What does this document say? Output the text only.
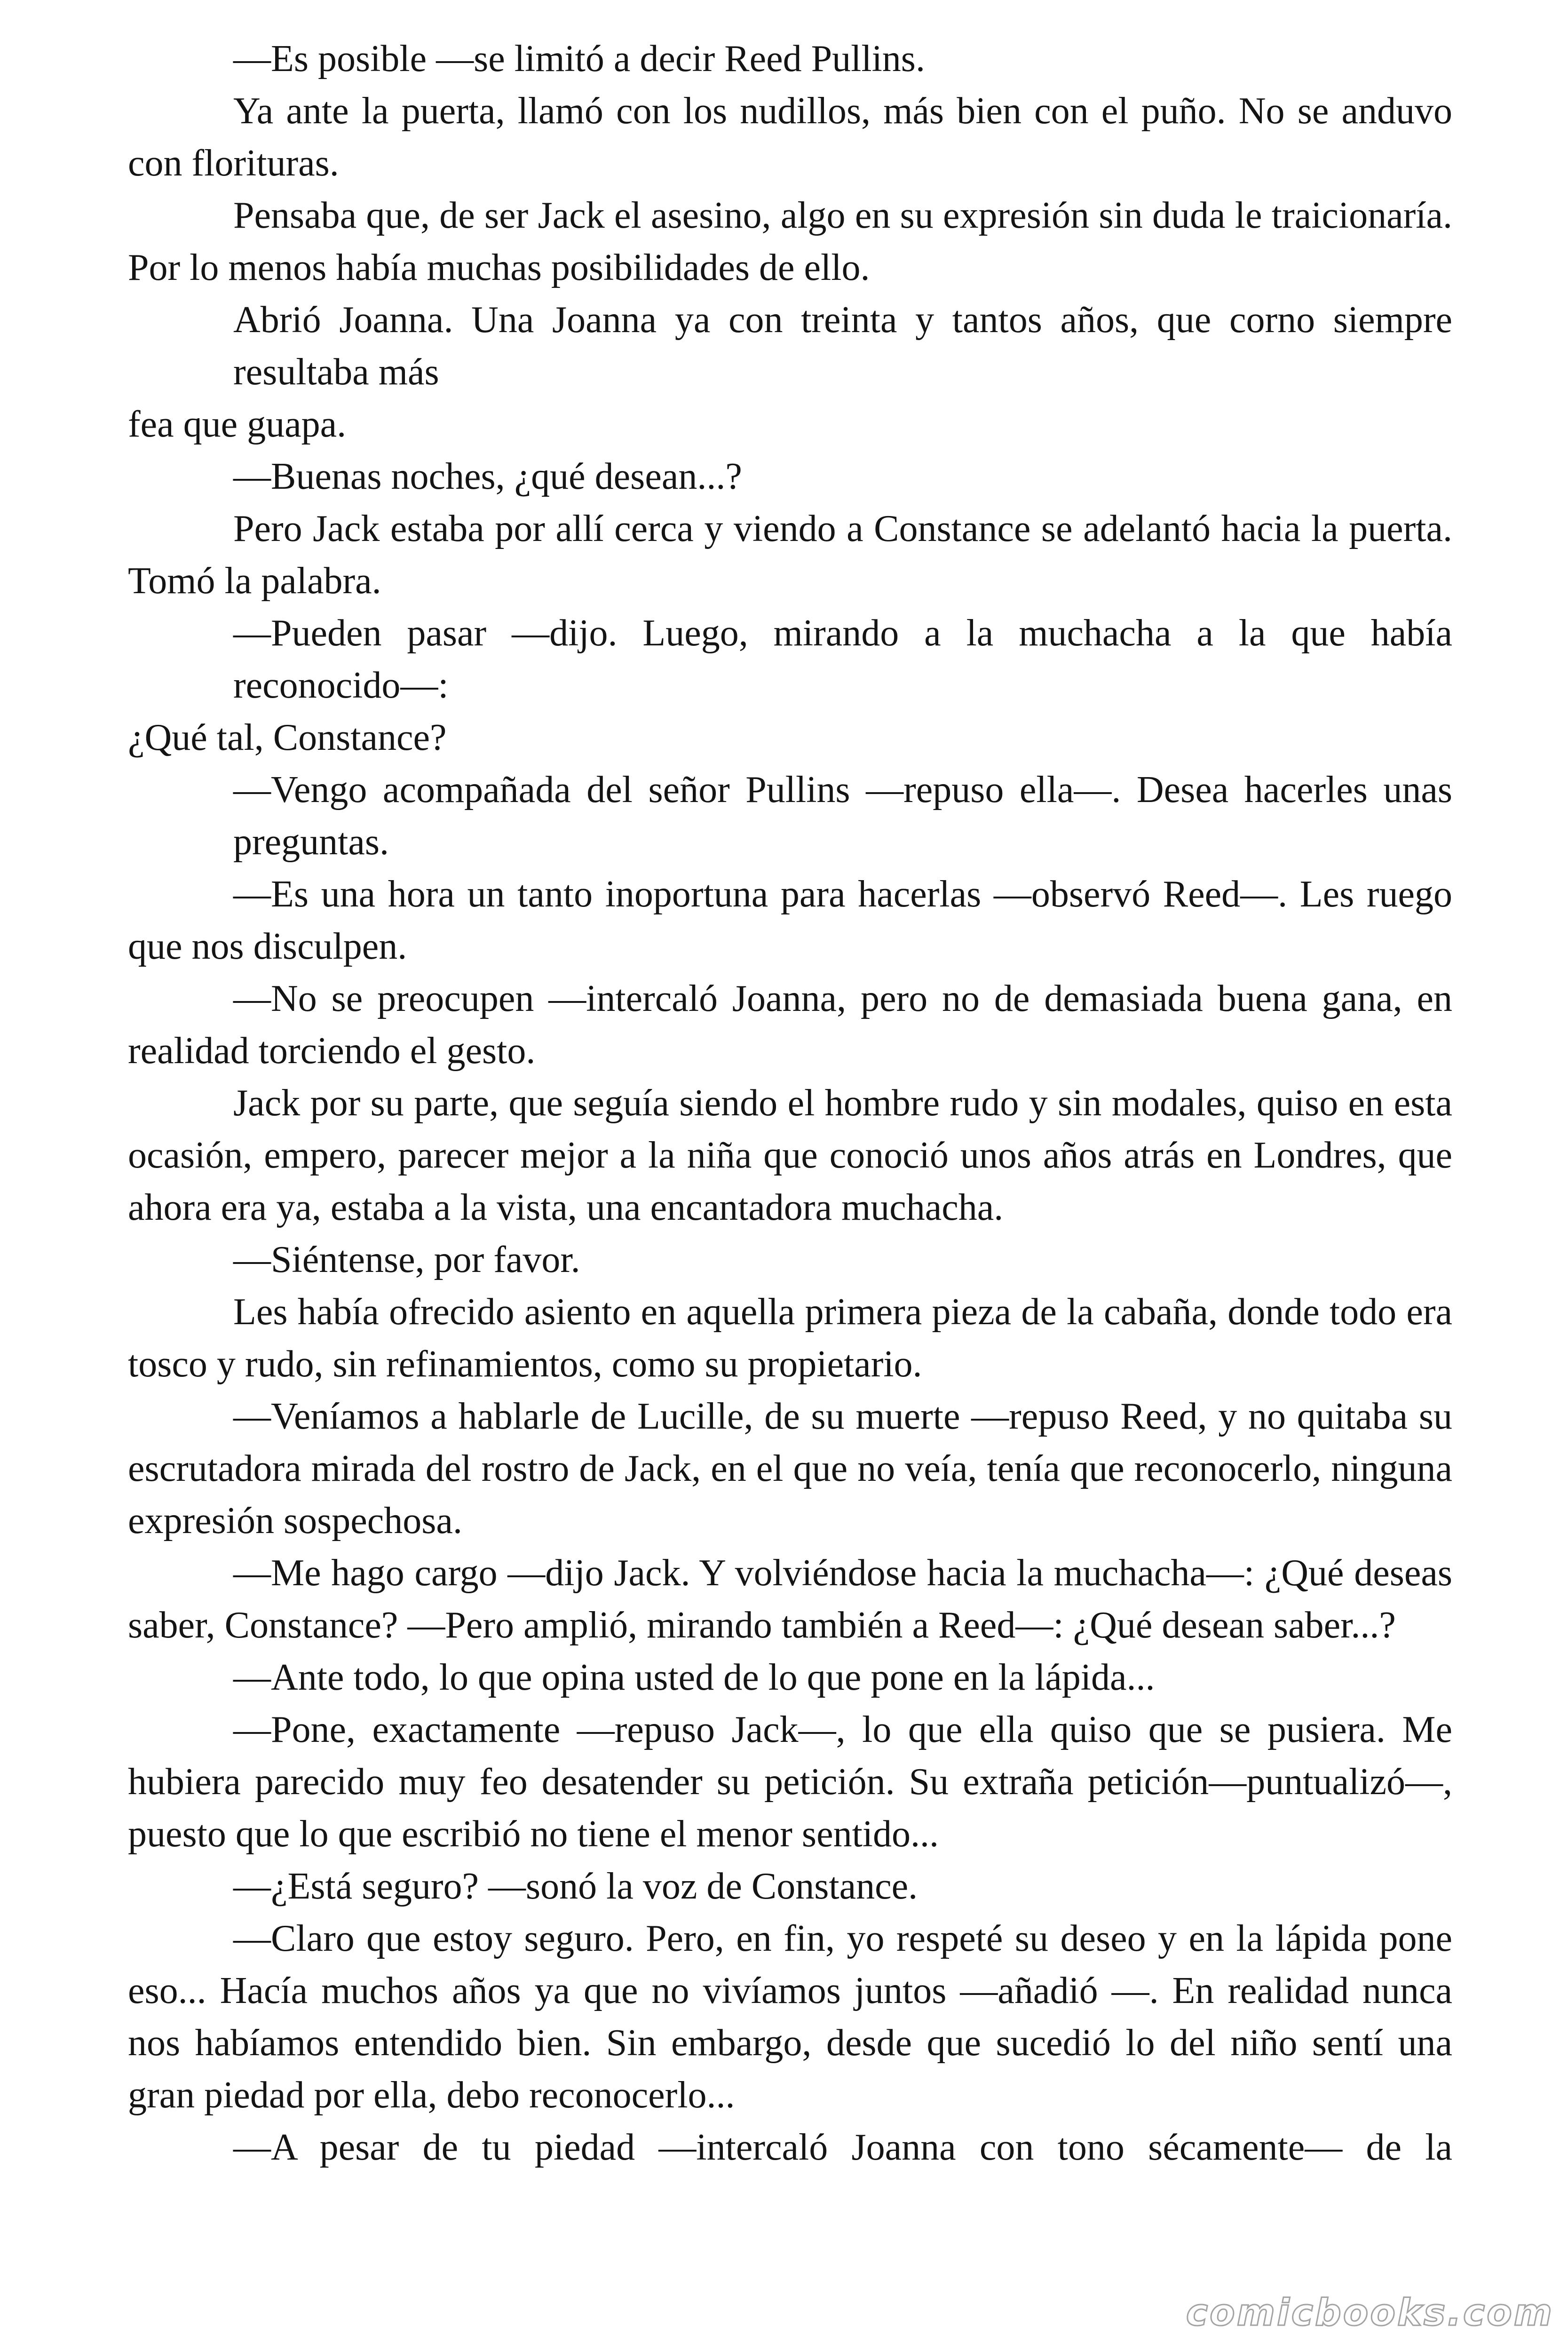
—Es posible —se limitó a decir Reed Pullins.

Ya ante la puerta, llamó con los nudillos, más bien con el puño. No se anduvo con florituras.

Pensaba que, de ser Jack el asesino, algo en su expresión sin duda le traicionaría. Por lo menos había muchas posibilidades de ello.

Abrió Joanna. Una Joanna ya con treinta y tantos años, que corno siempre resultaba más

fea que guapa.

—Buenas noches, ¿qué desean...?

Pero Jack estaba por allí cerca y viendo a Constance se adelantó hacia la puerta. Tomó la palabra.

—Pueden pasar —dijo. Luego, mirando a la muchacha a la que había reconocido—:

¿Qué tal, Constance?

—Vengo acompañada del señor Pullins —repuso ella—. Desea hacerles unas preguntas.

—Es una hora un tanto inoportuna para hacerlas —observó Reed—. Les ruego que nos disculpen.

—No se preocupen —intercaló Joanna, pero no de demasiada buena gana, en realidad torciendo el gesto.

Jack por su parte, que seguía siendo el hombre rudo y sin modales, quiso en esta ocasión, empero, parecer mejor a la niña que conoció unos años atrás en Londres, que ahora era ya, estaba a la vista, una encantadora muchacha.

—Siéntense, por favor.

Les había ofrecido asiento en aquella primera pieza de la cabaña, donde todo era tosco y rudo, sin refinamientos, como su propietario.

—Veníamos a hablarle de Lucille, de su muerte —repuso Reed, y no quitaba su escrutadora mirada del rostro de Jack, en el que no veía, tenía que reconocerlo, ninguna expresión sospechosa.

—Me hago cargo —dijo Jack. Y volviéndose hacia la muchacha—: ¿Qué deseas saber, Constance? —Pero amplió, mirando también a Reed—: ¿Qué desean saber...?

—Ante todo, lo que opina usted de lo que pone en la lápida...

—Pone, exactamente —repuso Jack—, lo que ella quiso que se pusiera. Me hubiera parecido muy feo desatender su petición. Su extraña petición—puntualizó—, puesto que lo que escribió no tiene el menor sentido...

—¿Está seguro? —sonó la voz de Constance.

—Claro que estoy seguro. Pero, en fin, yo respeté su deseo y en la lápida pone eso... Hacía muchos años ya que no vivíamos juntos —añadió —. En realidad nunca nos habíamos entendido bien. Sin embargo, desde que sucedió lo del niño sentí una gran piedad por ella, debo reconocerlo...

—A pesar de tu piedad —intercaló Joanna con tono sécamente— de la

comicbooks.com
